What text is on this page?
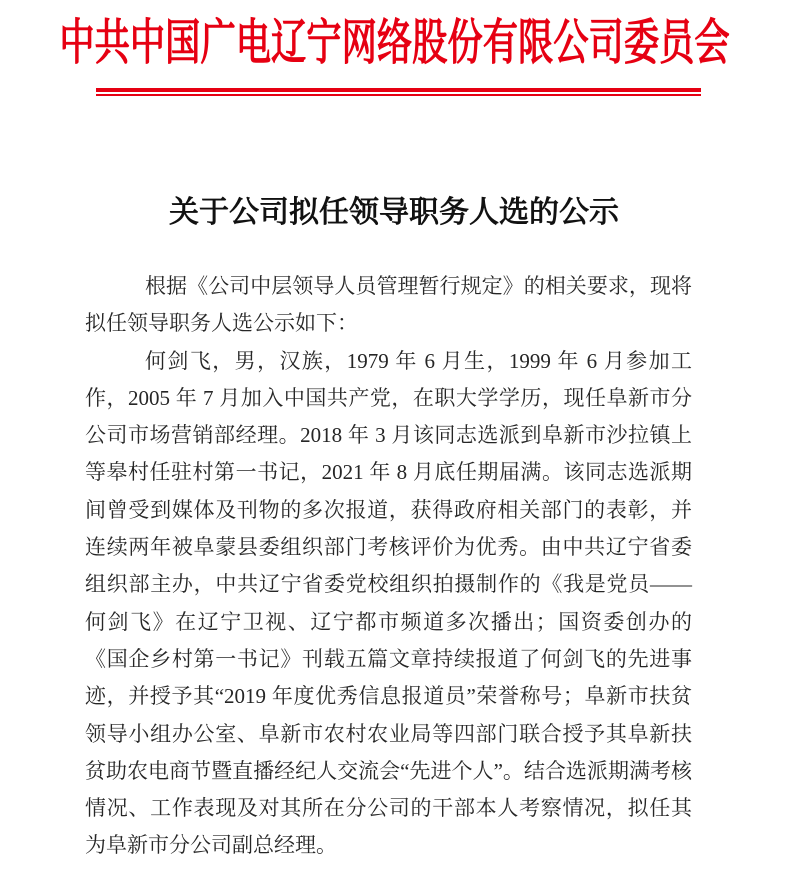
中共中国广电辽宁网络股份有限公司委员会
关于公司拟任领导职务人选的公示

根据《公司中层领导人员管理暂行规定》的相关要求，现将拟任领导职务人选公示如下：

何剑飞，男，汉族，1979 年 6 月生，1999 年 6 月参加工作，2005 年 7 月加入中国共产党，在职大学学历，现任阜新市分公司市场营销部经理。2018 年 3 月该同志选派到阜新市沙拉镇上等皋村任驻村第一书记，2021 年 8 月底任期届满。该同志选派期间曾受到媒体及刊物的多次报道，获得政府相关部门的表彰，并连续两年被阜蒙县委组织部门考核评价为优秀。由中共辽宁省委组织部主办，中共辽宁省委党校组织拍摄制作的《我是党员——何剑飞》在辽宁卫视、辽宁都市频道多次播出；国资委创办的《国企乡村第一书记》刊载五篇文章持续报道了何剑飞的先进事迹，并授予其“2019 年度优秀信息报道员”荣誉称号；阜新市扶贫领导小组办公室、阜新市农村农业局等四部门联合授予其阜新扶贫助农电商节暨直播经纪人交流会“先进个人”。结合选派期满考核情况、工作表现及对其所在分公司的干部本人考察情况，拟任其为阜新市分公司副总经理。
